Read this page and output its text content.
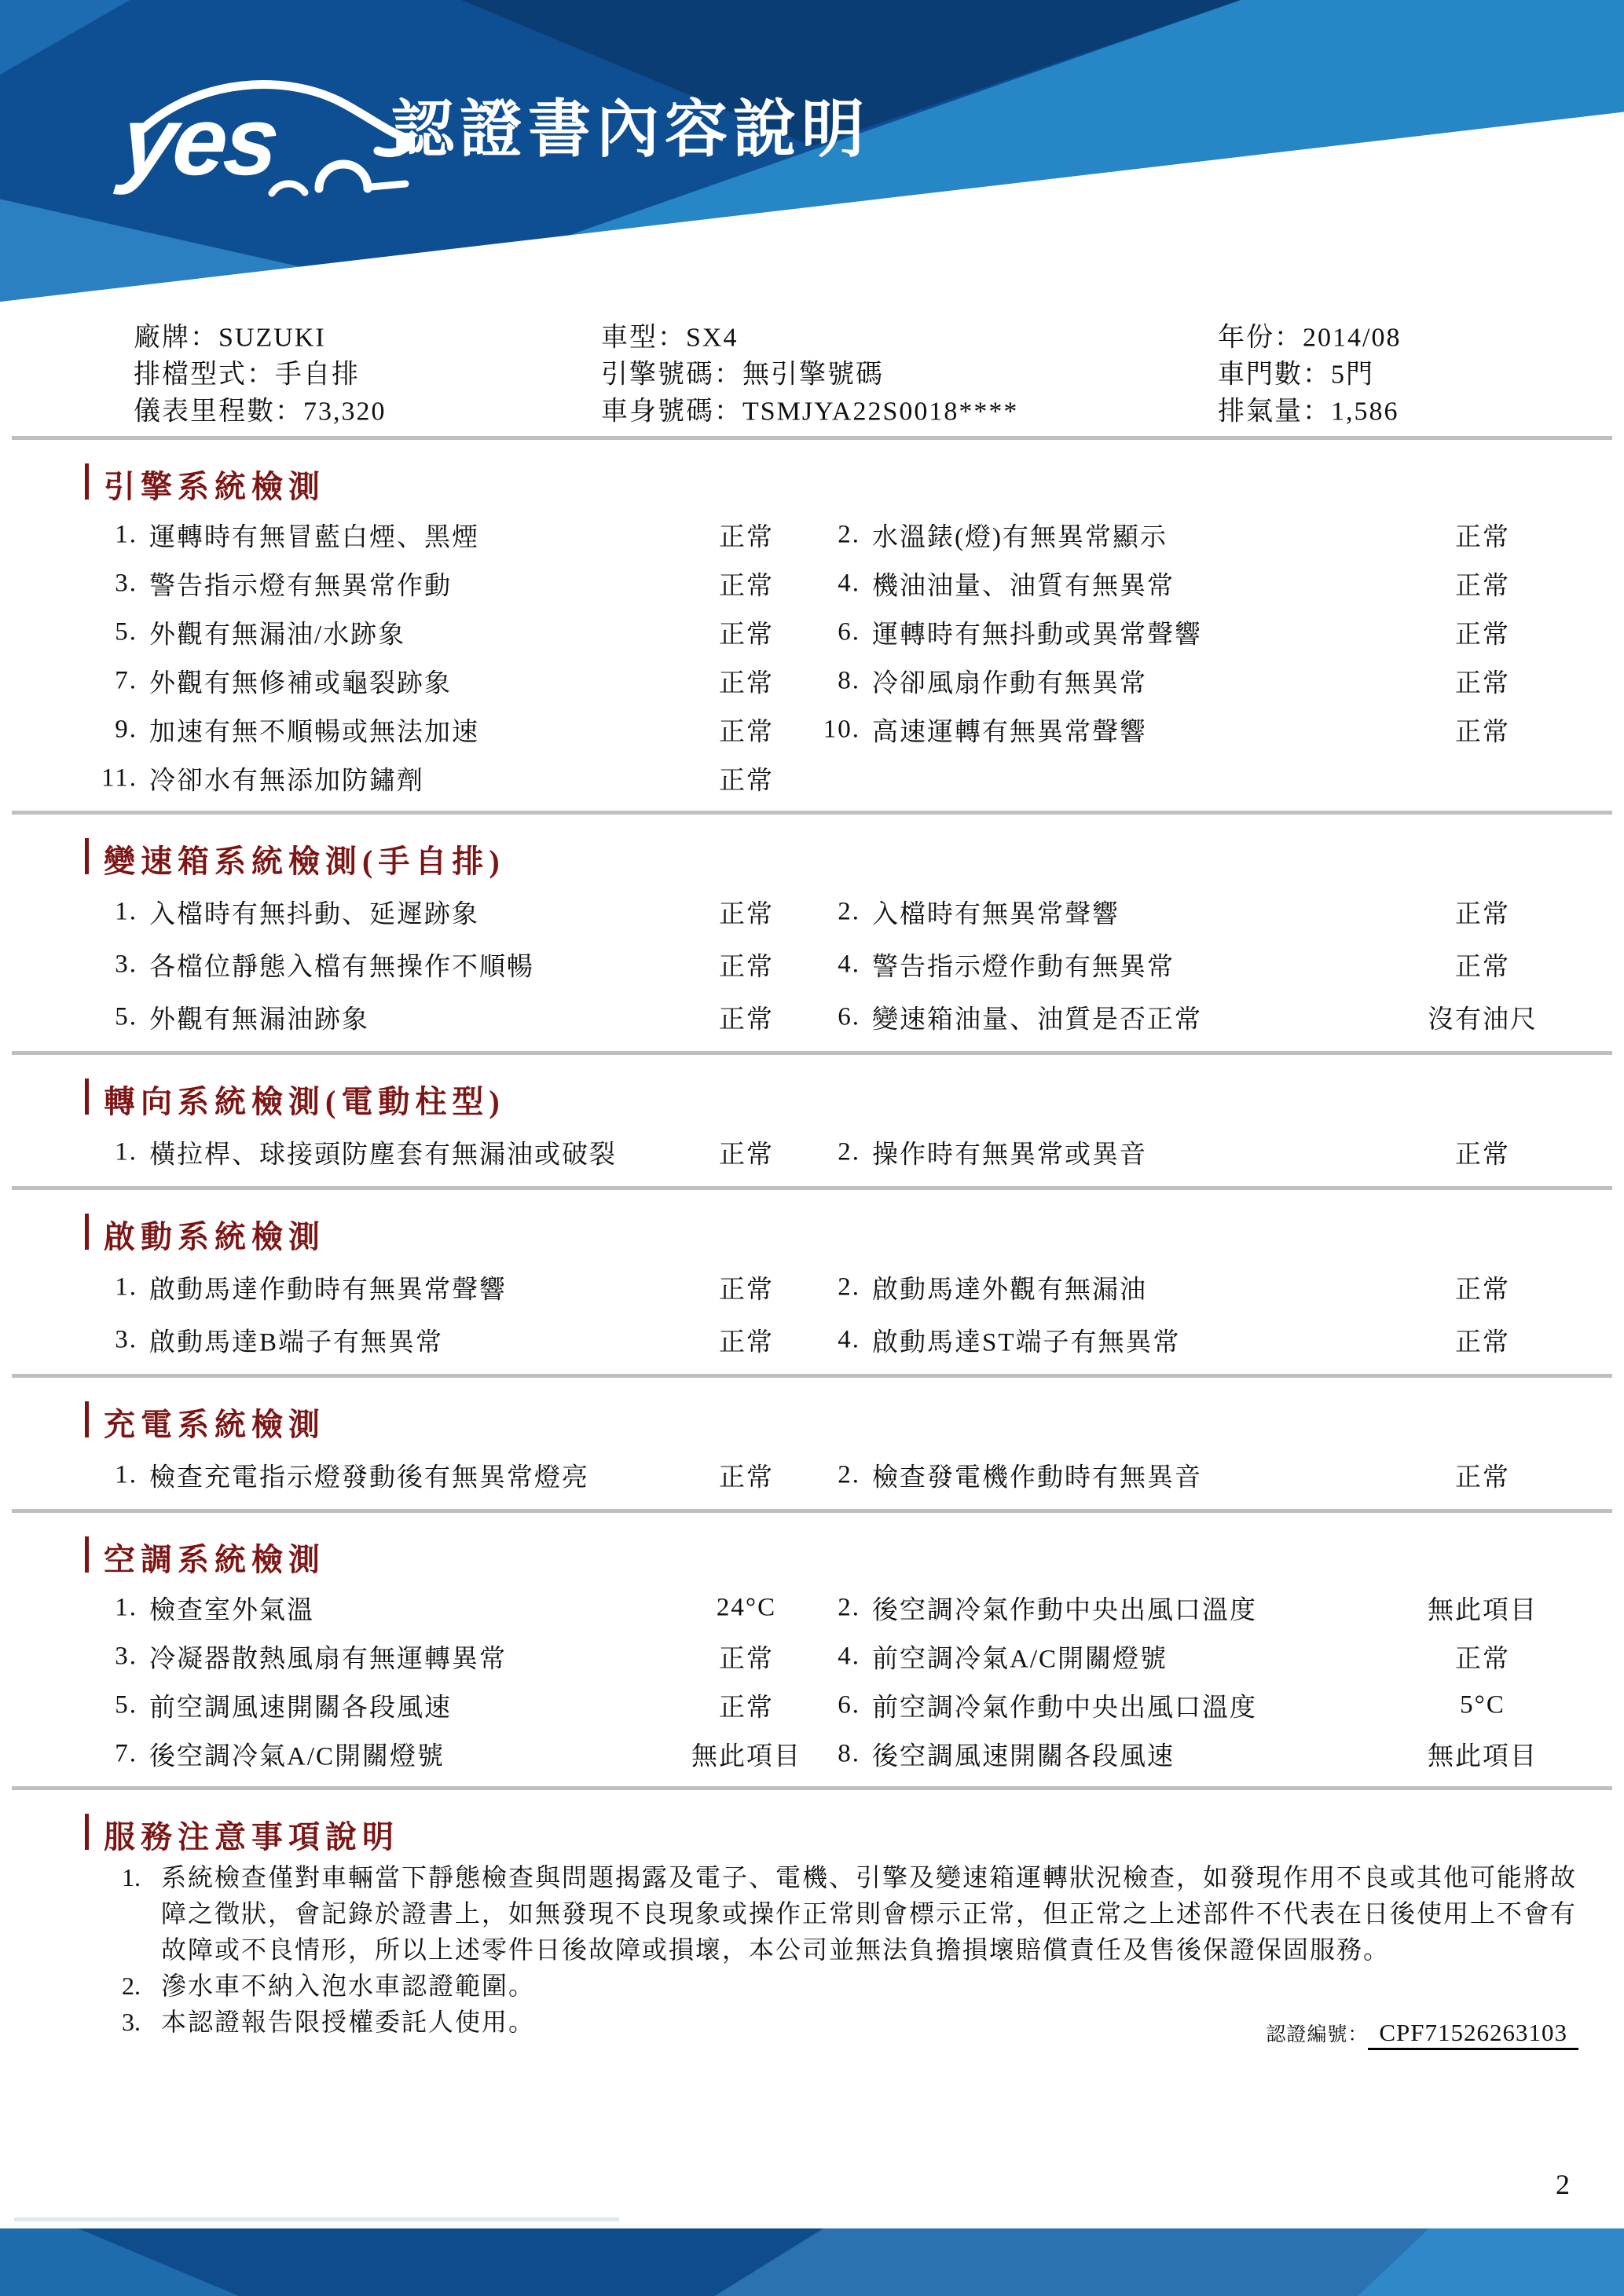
yes 認證書內容說明
廠牌：SUZUKI	車型：SX4	年份：2014/08
排檔型式：手自排	引擎號碼：無引擎號碼	車門數：5門
儀表里程數：73,320	車身號碼：TSMJYA22S0018****	排氣量：1,586
引擎系統檢測
1. 運轉時有無冒藍白煙、黑煙	正常	2. 水溫錶(燈)有無異常顯示	正常
3. 警告指示燈有無異常作動	正常	4. 機油油量、油質有無異常	正常
5. 外觀有無漏油/水跡象	正常	6. 運轉時有無抖動或異常聲響	正常
7. 外觀有無修補或龜裂跡象	正常	8. 冷卻風扇作動有無異常	正常
9. 加速有無不順暢或無法加速	正常	10. 高速運轉有無異常聲響	正常
11. 冷卻水有無添加防鏽劑	正常
變速箱系統檢測(手自排)
1. 入檔時有無抖動、延遲跡象	正常	2. 入檔時有無異常聲響	正常
3. 各檔位靜態入檔有無操作不順暢	正常	4. 警告指示燈作動有無異常	正常
5. 外觀有無漏油跡象	正常	6. 變速箱油量、油質是否正常	沒有油尺
轉向系統檢測(電動柱型)
1. 橫拉桿、球接頭防塵套有無漏油或破裂	正常	2. 操作時有無異常或異音	正常
啟動系統檢測
1. 啟動馬達作動時有無異常聲響	正常	2. 啟動馬達外觀有無漏油	正常
3. 啟動馬達B端子有無異常	正常	4. 啟動馬達ST端子有無異常	正常
充電系統檢測
1. 檢查充電指示燈發動後有無異常燈亮	正常	2. 檢查發電機作動時有無異音	正常
空調系統檢測
1. 檢查室外氣溫	24°C	2. 後空調冷氣作動中央出風口溫度	無此項目
3. 冷凝器散熱風扇有無運轉異常	正常	4. 前空調冷氣A/C開關燈號	正常
5. 前空調風速開關各段風速	正常	6. 前空調冷氣作動中央出風口溫度	5°C
7. 後空調冷氣A/C開關燈號	無此項目	8. 後空調風速開關各段風速	無此項目
服務注意事項說明
1. 系統檢查僅對車輛當下靜態檢查與問題揭露及電子、電機、引擎及變速箱運轉狀況檢查，如發現作用不良或其他可能將故障之徵狀，會記錄於證書上，如無發現不良現象或操作正常則會標示正常，但正常之上述部件不代表在日後使用上不會有故障或不良情形，所以上述零件日後故障或損壞，本公司並無法負擔損壞賠償責任及售後保證保固服務。
2. 滲水車不納入泡水車認證範圍。
3. 本認證報告限授權委託人使用。	認證編號： CPF71526263103
2
